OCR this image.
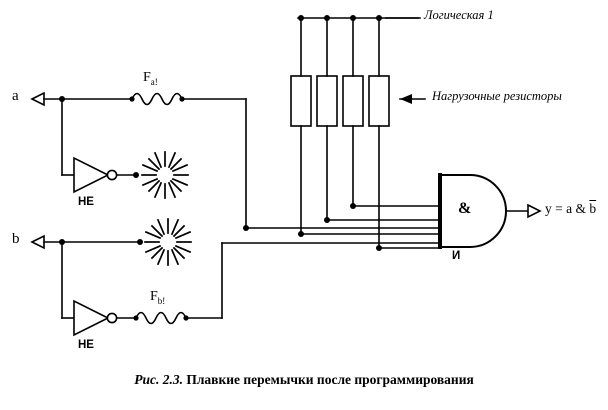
a
b
$F_{a!}$
$F_{b!}$
НЕ
НЕ
&
И
Логическая 1
Нагрузочные резисторы
y = a & $\overline{b}$
Рис. 2.3. Плавкие перемычки после программирования
